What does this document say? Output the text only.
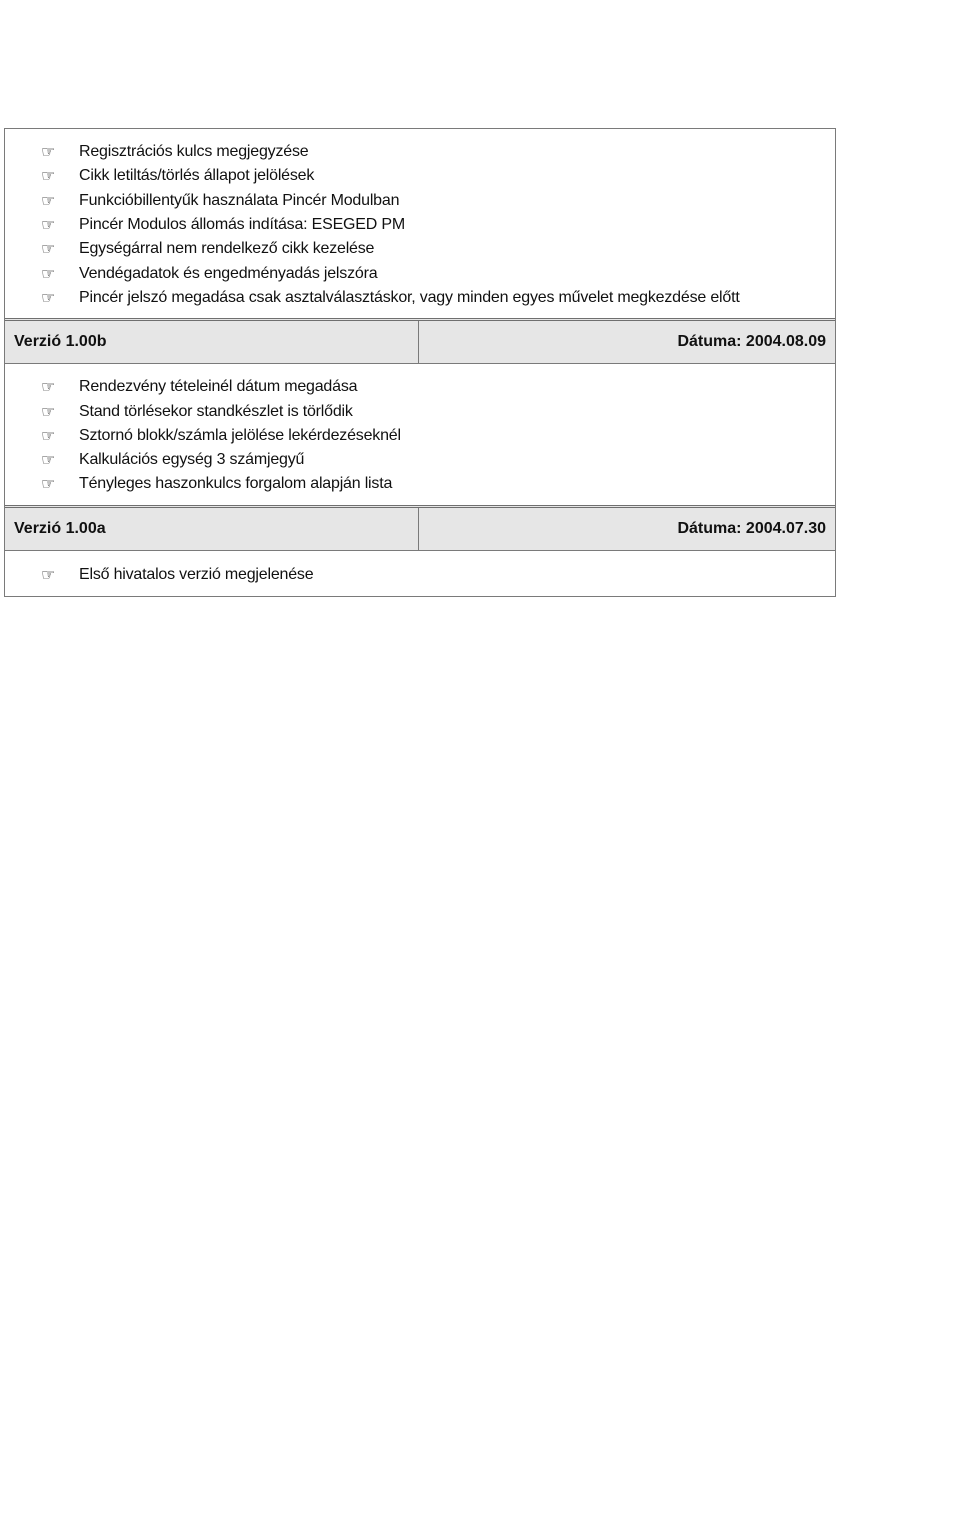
☞	Regisztrációs kulcs megjegyzése
☞	Cikk letiltás/törlés állapot jelölések
☞	Funkcióbillentyűk használata Pincér Modulban
☞	Pincér Modulos állomás indítása: ESEGED PM
☞	Egységárral nem rendelkező cikk kezelése
☞	Vendégadatok és engedményadás jelszóra
☞	Pincér jelszó megadása csak asztalválasztáskor, vagy minden egyes művelet megkezdése előtt
Verzió 1.00b	Dátuma: 2004.08.09
☞	Rendezvény tételeinél dátum megadása
☞	Stand törlésekor standkészlet is törlődik
☞	Sztornó blokk/számla jelölése lekérdezéseknél
☞	Kalkulációs egység 3 számjegyű
☞	Tényleges haszonkulcs forgalom alapján lista
Verzió 1.00a	Dátuma: 2004.07.30
☞	Első hivatalos verzió megjelenése
